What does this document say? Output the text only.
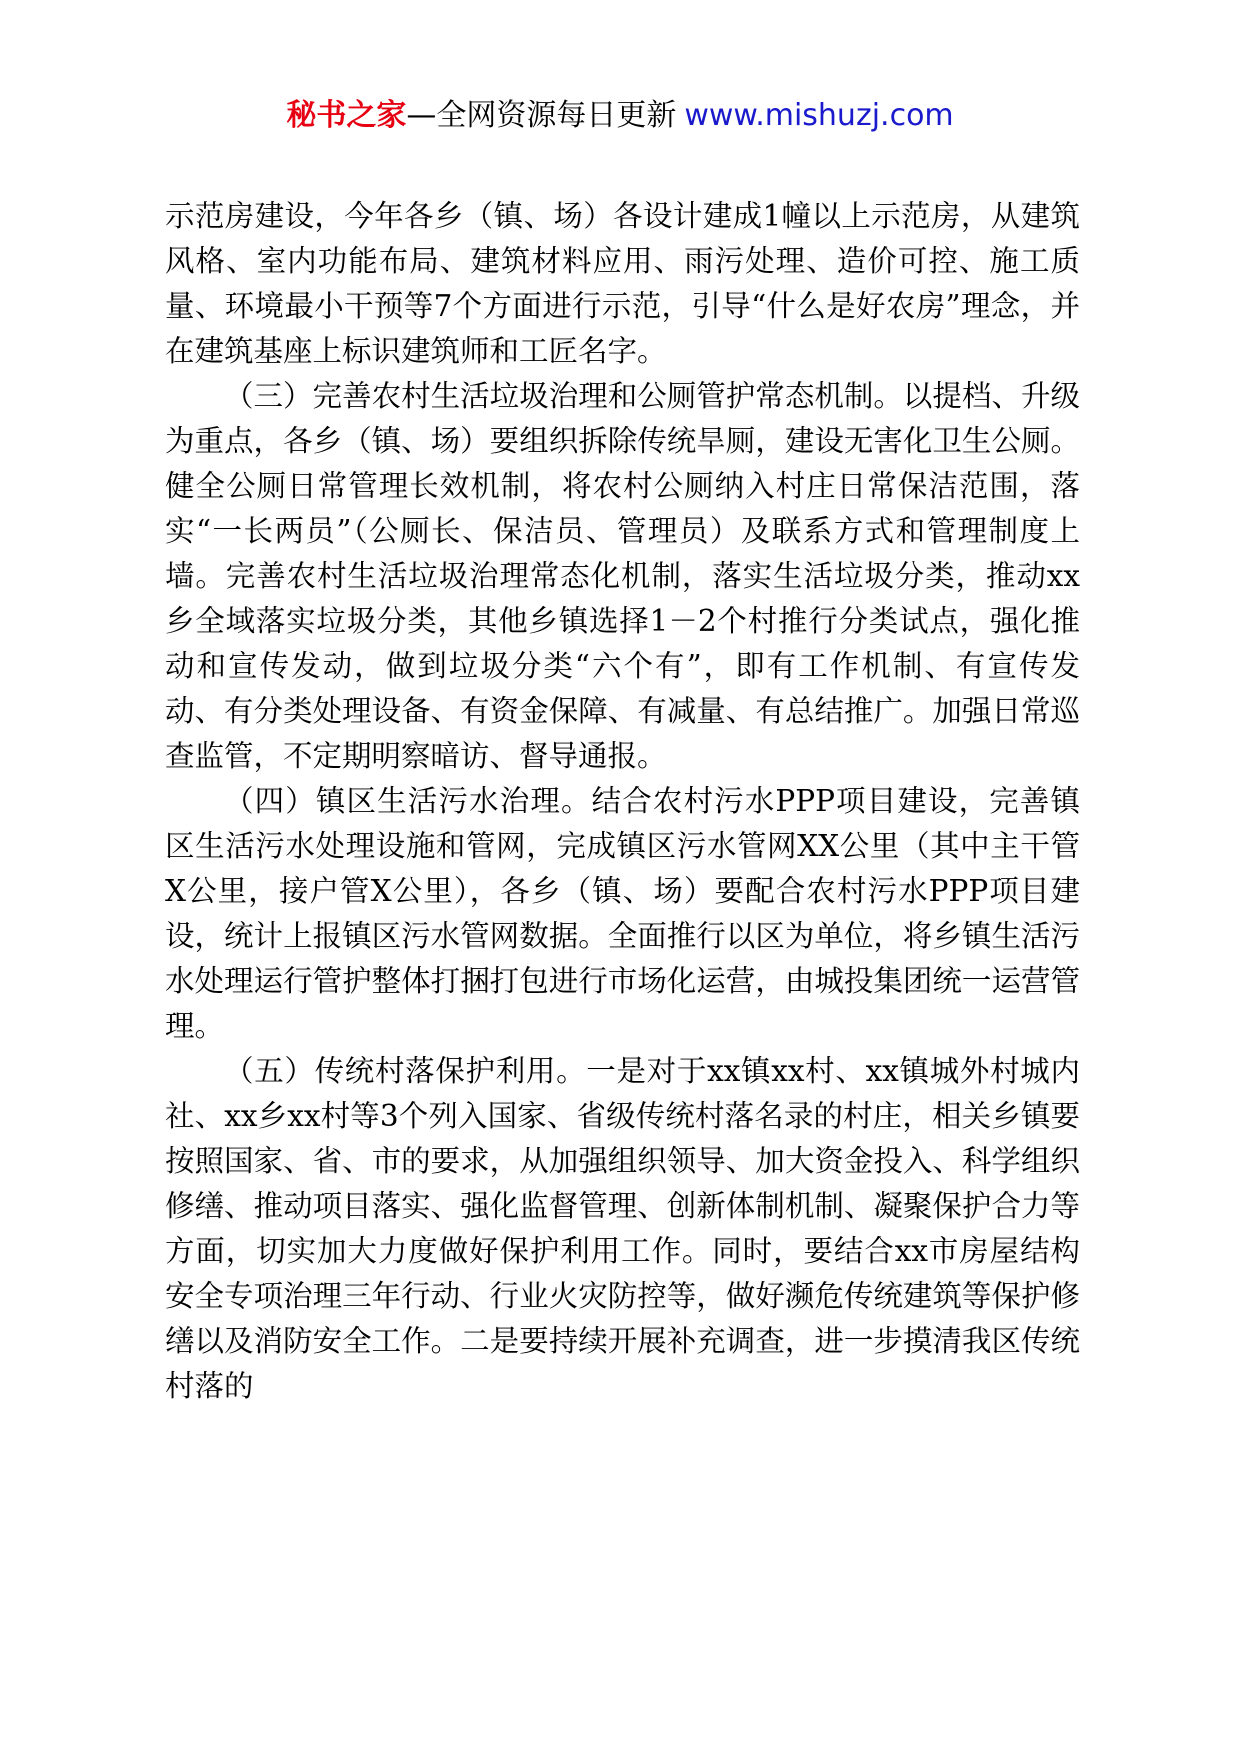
秘书之家—全网资源每日更新 www.mishuzj.com

示范房建设，今年各乡（镇、场）各设计建成1幢以上示范房，从建筑风格、室内功能布局、建筑材料应用、雨污处理、造价可控、施工质量、环境最小干预等7个方面进行示范，引导“什么是好农房”理念，并在建筑基座上标识建筑师和工匠名字。

（三）完善农村生活垃圾治理和公厕管护常态机制。以提档、升级为重点，各乡（镇、场）要组织拆除传统旱厕，建设无害化卫生公厕。健全公厕日常管理长效机制，将农村公厕纳入村庄日常保洁范围，落实“一长两员”（公厕长、保洁员、管理员）及联系方式和管理制度上墙。完善农村生活垃圾治理常态化机制，落实生活垃圾分类，推动xx乡全域落实垃圾分类，其他乡镇选择1－2个村推行分类试点，强化推动和宣传发动，做到垃圾分类“六个有”，即有工作机制、有宣传发动、有分类处理设备、有资金保障、有减量、有总结推广。加强日常巡查监管，不定期明察暗访、督导通报。

（四）镇区生活污水治理。结合农村污水PPP项目建设，完善镇区生活污水处理设施和管网，完成镇区污水管网XX公里（其中主干管X公里，接户管X公里），各乡（镇、场）要配合农村污水PPP项目建设，统计上报镇区污水管网数据。全面推行以区为单位，将乡镇生活污水处理运行管护整体打捆打包进行市场化运营，由城投集团统一运营管理。

（五）传统村落保护利用。一是对于xx镇xx村、xx镇城外村城内社、xx乡xx村等3个列入国家、省级传统村落名录的村庄，相关乡镇要按照国家、省、市的要求，从加强组织领导、加大资金投入、科学组织修缮、推动项目落实、强化监督管理、创新体制机制、凝聚保护合力等方面，切实加大力度做好保护利用工作。同时，要结合xx市房屋结构安全专项治理三年行动、行业火灾防控等，做好濒危传统建筑等保护修缮以及消防安全工作。二是要持续开展补充调查，进一步摸清我区传统村落的
